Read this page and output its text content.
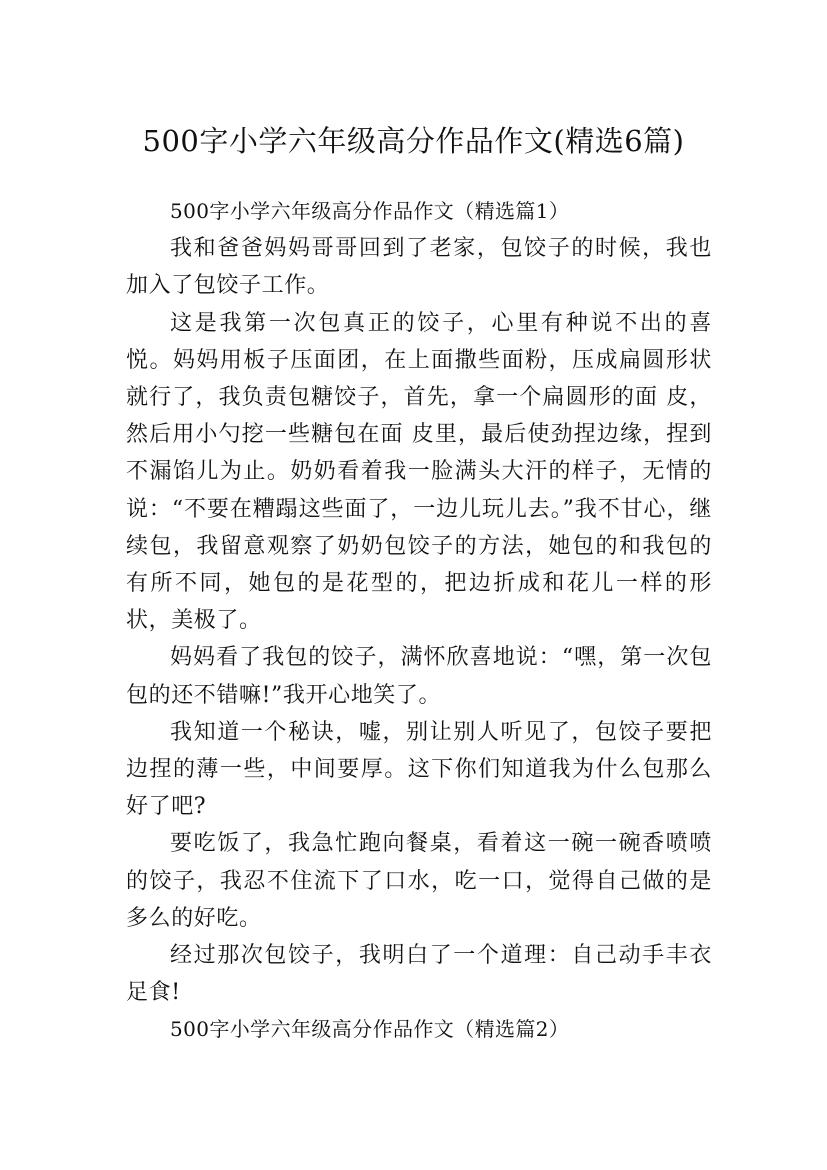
500字小学六年级高分作品作文(精选6篇)

500字小学六年级高分作品作文（精选篇1）

我和爸爸妈妈哥哥回到了老家，包饺子的时候，我也加入了包饺子工作。

这是我第一次包真正的饺子，心里有种说不出的喜悦。妈妈用板子压面团，在上面撒些面粉，压成扁圆形状就行了，我负责包糖饺子，首先，拿一个扁圆形的面 皮，然后用小勺挖一些糖包在面 皮里，最后使劲捏边缘，捏到不漏馅儿为止。奶奶看着我一脸满头大汗的样子，无情的说：“不要在糟蹋这些面了，一边儿玩儿去。”我不甘心，继续包，我留意观察了奶奶包饺子的方法，她包的和我包的有所不同，她包的是花型的，把边折成和花儿一样的形状，美极了。

妈妈看了我包的饺子，满怀欣喜地说：“嘿，第一次包包的还不错嘛!”我开心地笑了。

我知道一个秘诀，嘘，别让别人听见了，包饺子要把边捏的薄一些，中间要厚。这下你们知道我为什么包那么好了吧?

要吃饭了，我急忙跑向餐桌，看着这一碗一碗香喷喷的饺子，我忍不住流下了口水，吃一口，觉得自己做的是多么的好吃。

经过那次包饺子，我明白了一个道理：自己动手丰衣足食!

500字小学六年级高分作品作文（精选篇2）
